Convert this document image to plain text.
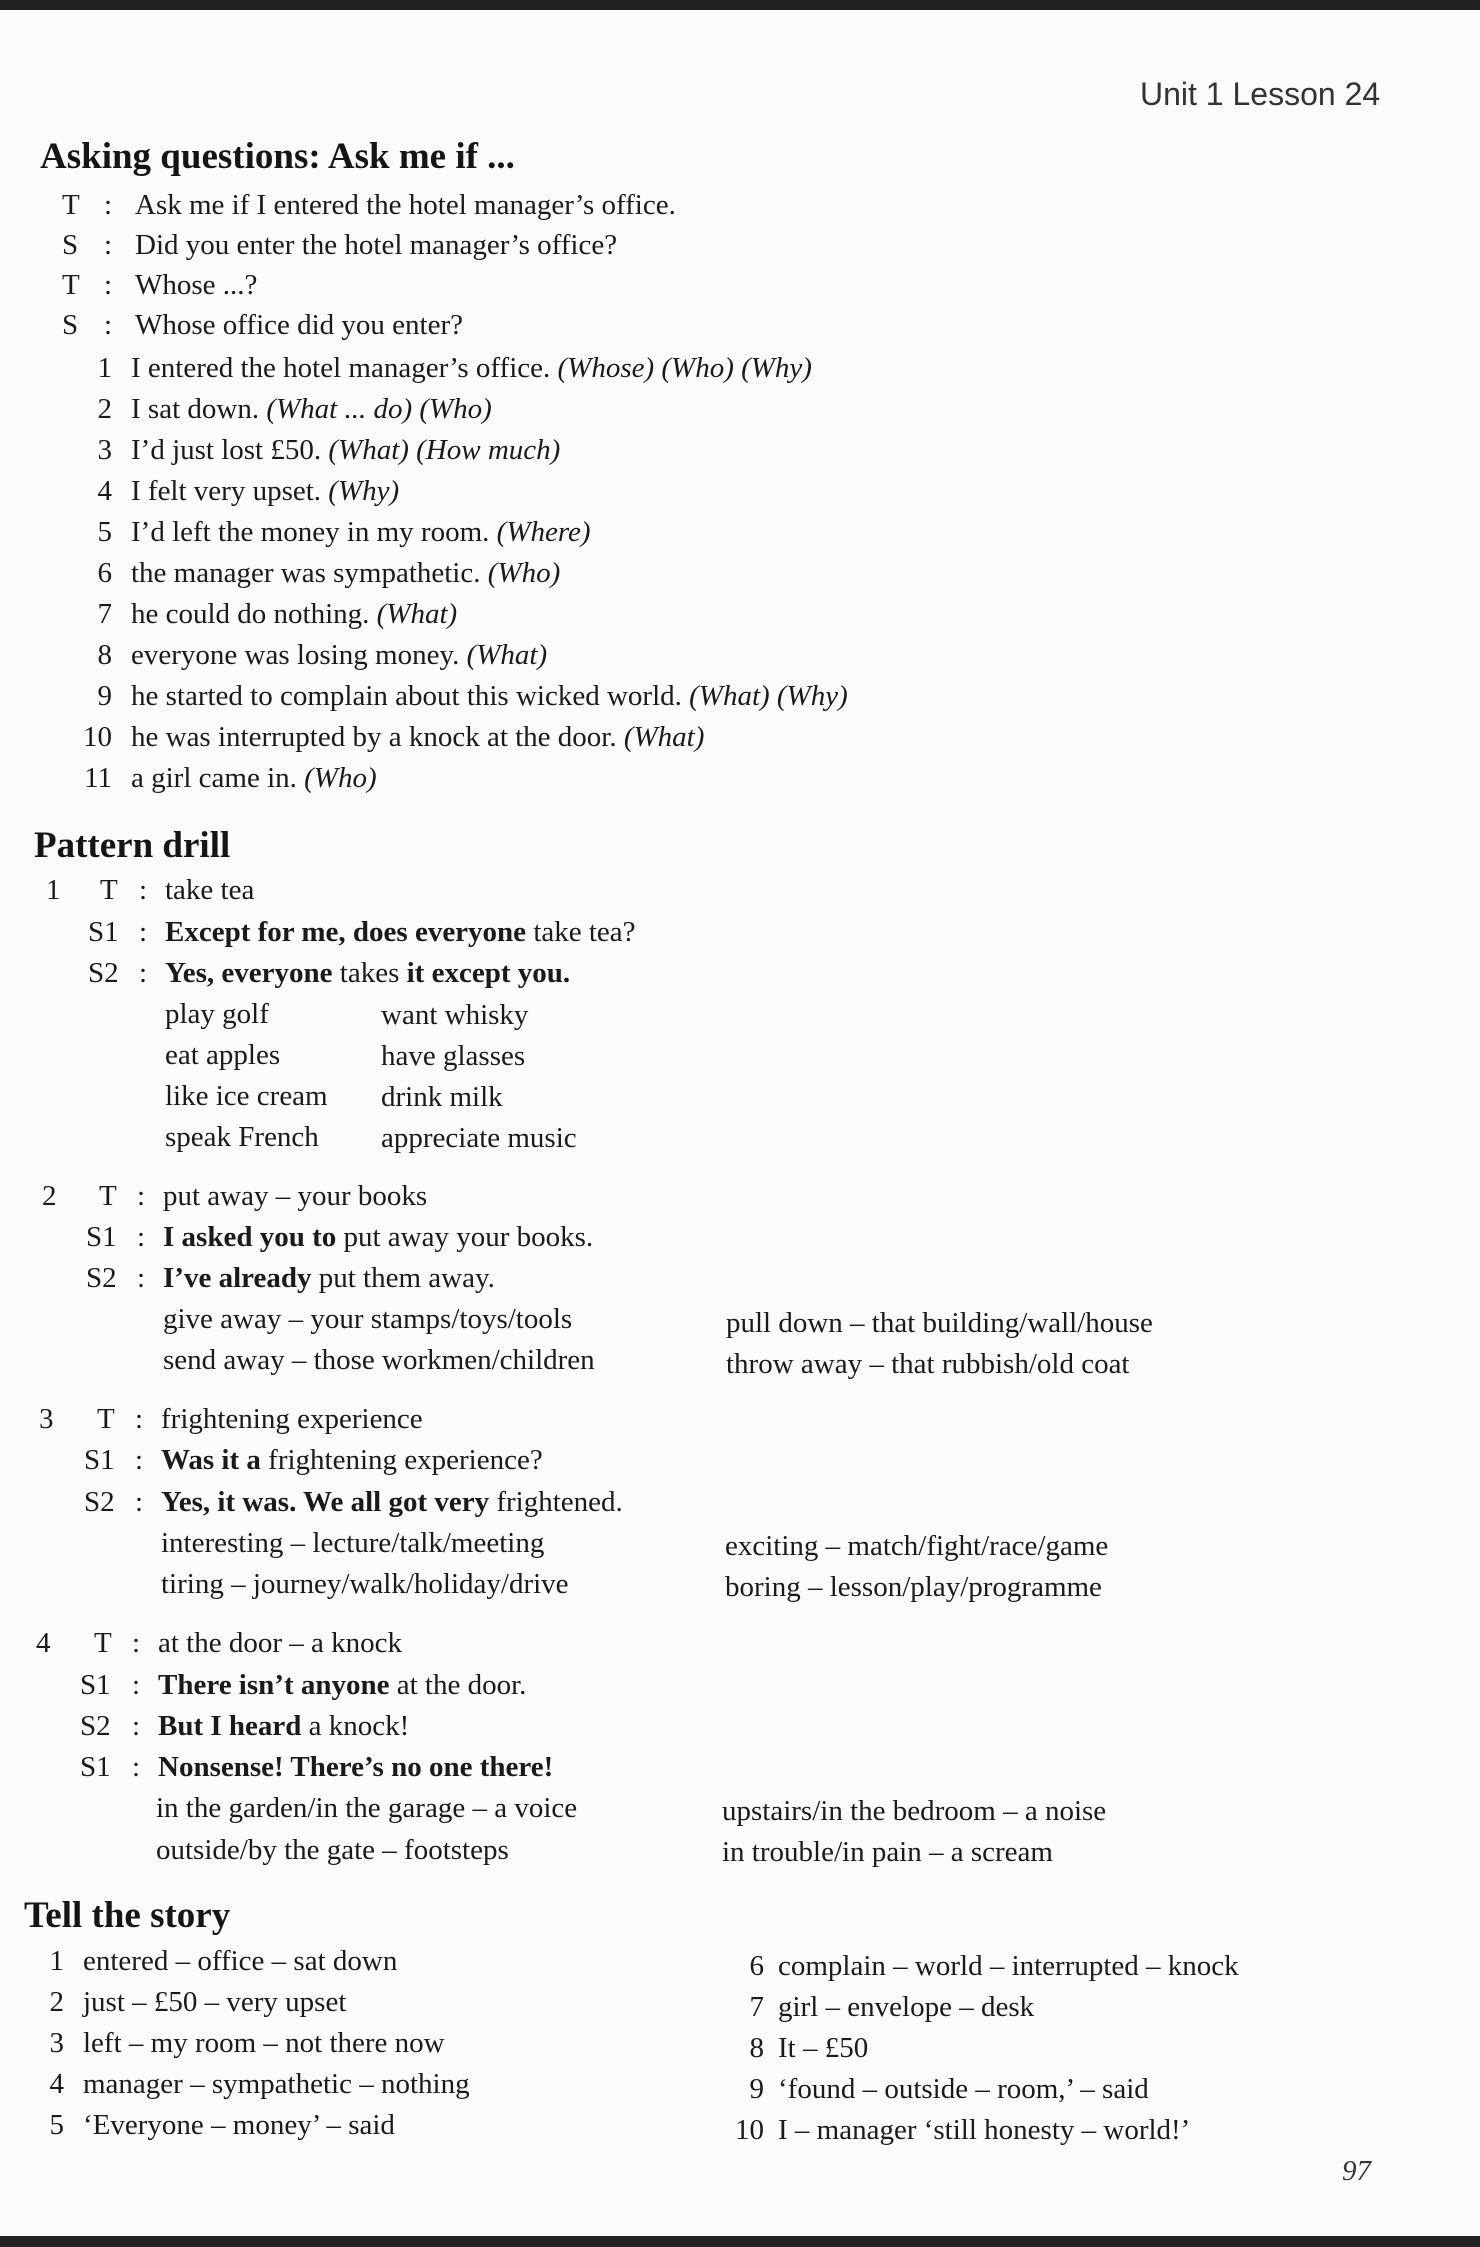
Unit 1 Lesson 24
Asking questions: Ask me if ...
T : Ask me if I entered the hotel manager’s office.
S : Did you enter the hotel manager’s office?
T : Whose ...?
S : Whose office did you enter?
1 I entered the hotel manager’s office. (Whose) (Who) (Why)
2 I sat down. (What ... do) (Who)
3 I’d just lost £50. (What) (How much)
4 I felt very upset. (Why)
5 I’d left the money in my room. (Where)
6 the manager was sympathetic. (Who)
7 he could do nothing. (What)
8 everyone was losing money. (What)
9 he started to complain about this wicked world. (What) (Why)
10 he was interrupted by a knock at the door. (What)
11 a girl came in. (Who)
Pattern drill
1 T : take tea
S1 : Except for me, does everyone take tea?
S2 : Yes, everyone takes it except you.
play golf
eat apples
like ice cream
speak French
want whisky
have glasses
drink milk
appreciate music
2 T : put away – your books
S1 : I asked you to put away your books.
S2 : I’ve already put them away.
give away – your stamps/toys/tools
send away – those workmen/children
pull down – that building/wall/house
throw away – that rubbish/old coat
3 T : frightening experience
S1 : Was it a frightening experience?
S2 : Yes, it was. We all got very frightened.
interesting – lecture/talk/meeting
tiring – journey/walk/holiday/drive
exciting – match/fight/race/game
boring – lesson/play/programme
4 T : at the door – a knock
S1 : There isn’t anyone at the door.
S2 : But I heard a knock!
S1 : Nonsense! There’s no one there!
in the garden/in the garage – a voice
outside/by the gate – footsteps
upstairs/in the bedroom – a noise
in trouble/in pain – a scream
Tell the story
1 entered – office – sat down
2 just – £50 – very upset
3 left – my room – not there now
4 manager – sympathetic – nothing
5 ‘Everyone – money’ – said
6 complain – world – interrupted – knock
7 girl – envelope – desk
8 It – £50
9 ‘found – outside – room,’ – said
10 I – manager ‘still honesty – world!’
97
